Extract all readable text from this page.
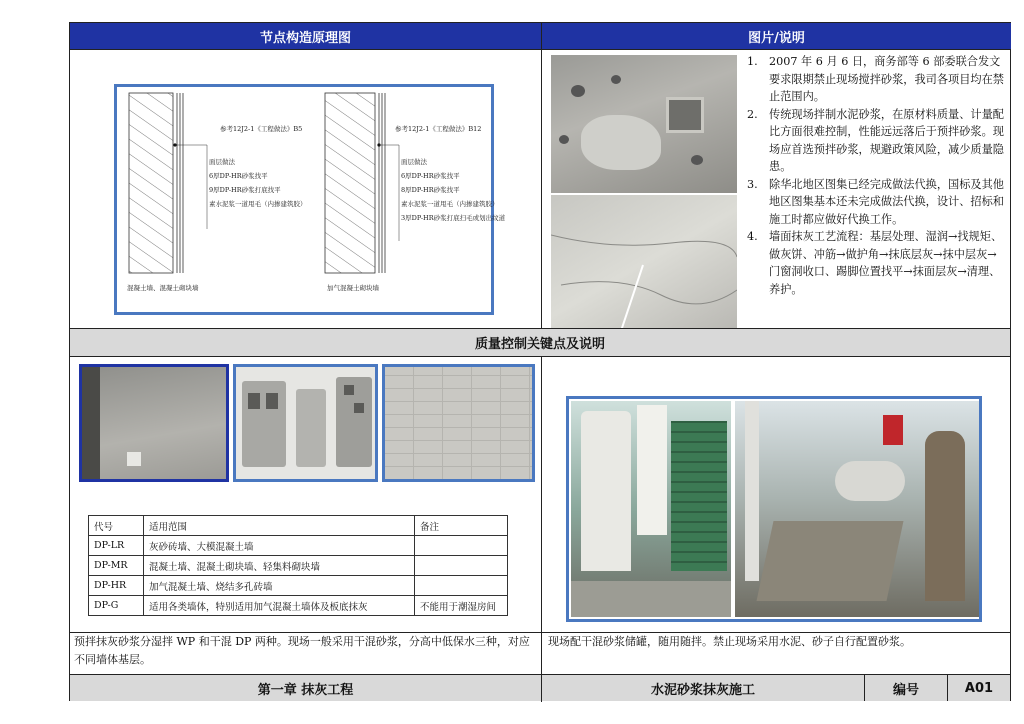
节点构造原理图	图片/说明
参考12J2-1《工程做法》B5
面层做法
6厚DP-HR砂浆找平
9厚DP-HR砂浆打底找平
素水泥浆一道甩毛（内掺建筑胶）
混凝土墙、混凝土砌块墙
参考12J2-1《工程做法》B12
面层做法
6厚DP-HR砂浆找平
8厚DP-HR砂浆找平
素水泥浆一道甩毛（内掺建筑胶）
3厚DP-HR砂浆打底扫毛或划出纹道
加气混凝土砌块墙
1. 2007 年 6 月 6 日，商务部等 6 部委联合发文要求限期禁止现场搅拌砂浆，我司各项目均在禁止范围内。
2. 传统现场拌制水泥砂浆，在原材料质量、计量配比方面很难控制，性能远远落后于预拌砂浆。现场应首选预拌砂浆，规避政策风险，减少质量隐患。
3. 除华北地区图集已经完成做法代换，国标及其他地区图集基本还未完成做法代换，设计、招标和施工时都应做好代换工作。
4. 墙面抹灰工艺流程：基层处理、湿润→找规矩、做灰饼、冲筋→做护角→抹底层灰→抹中层灰→门窗洞收口、踢脚位置找平→抹面层灰→清理、养护。
质量控制关键点及说明
代号	适用范围	备注
DP-LR	灰砂砖墙、大模混凝土墙	
DP-MR	混凝土墙、混凝土砌块墙、轻集料砌块墙	
DP-HR	加气混凝土墙、烧结多孔砖墙	
DP-G	适用各类墙体，特别适用加气混凝土墙体及板底抹灰	不能用于潮湿房间
预拌抹灰砂浆分湿拌 WP 和干混 DP 两种。现场一般采用干混砂浆，分高中低保水三种，对应不同墙体基层。
现场配干混砂浆储罐，随用随拌。禁止现场采用水泥、砂子自行配置砂浆。
第一章 抹灰工程	水泥砂浆抹灰施工	编号	A01
